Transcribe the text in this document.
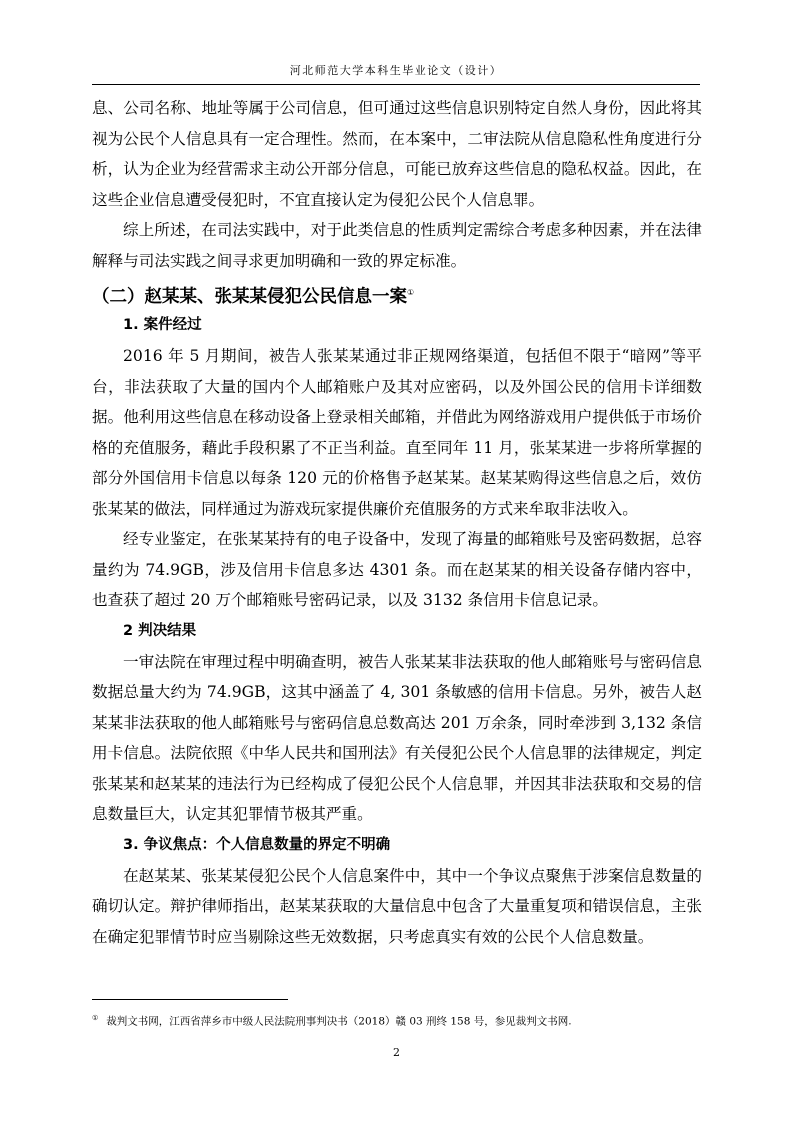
河北师范大学本科生毕业论文（设计）

息、公司名称、地址等属于公司信息，但可通过这些信息识别特定自然人身份，因此将其视为公民个人信息具有一定合理性。然而，在本案中，二审法院从信息隐私性角度进行分析，认为企业为经营需求主动公开部分信息，可能已放弃这些信息的隐私权益。因此，在这些企业信息遭受侵犯时，不宜直接认定为侵犯公民个人信息罪。

综上所述，在司法实践中，对于此类信息的性质判定需综合考虑多种因素，并在法律解释与司法实践之间寻求更加明确和一致的界定标准。

（二）赵某某、张某某侵犯公民信息一案①
1. 案件经过

2016 年 5 月期间，被告人张某某通过非正规网络渠道，包括但不限于“暗网”等平台，非法获取了大量的国内个人邮箱账户及其对应密码，以及外国公民的信用卡详细数据。他利用这些信息在移动设备上登录相关邮箱，并借此为网络游戏用户提供低于市场价格的充值服务，藉此手段积累了不正当利益。直至同年 11 月，张某某进一步将所掌握的部分外国信用卡信息以每条 120 元的价格售予赵某某。赵某某购得这些信息之后，效仿张某某的做法，同样通过为游戏玩家提供廉价充值服务的方式来牟取非法收入。

经专业鉴定，在张某某持有的电子设备中，发现了海量的邮箱账号及密码数据，总容量约为 74.9GB，涉及信用卡信息多达 4301 条。而在赵某某的相关设备存储内容中，也查获了超过 20 万个邮箱账号密码记录，以及 3132 条信用卡信息记录。

2 判决结果

一审法院在审理过程中明确查明，被告人张某某非法获取的他人邮箱账号与密码信息数据总量大约为 74.9GB，这其中涵盖了 4, 301 条敏感的信用卡信息。另外，被告人赵某某非法获取的他人邮箱账号与密码信息总数高达 201 万余条，同时牵涉到 3,132 条信用卡信息。法院依照《中华人民共和国刑法》有关侵犯公民个人信息罪的法律规定，判定张某某和赵某某的违法行为已经构成了侵犯公民个人信息罪，并因其非法获取和交易的信息数量巨大，认定其犯罪情节极其严重。

3. 争议焦点：个人信息数量的界定不明确

在赵某某、张某某侵犯公民个人信息案件中，其中一个争议点聚焦于涉案信息数量的确切认定。辩护律师指出，赵某某获取的大量信息中包含了大量重复项和错误信息，主张在确定犯罪情节时应当剔除这些无效数据，只考虑真实有效的公民个人信息数量。

① 裁判文书网，江西省萍乡市中级人民法院刑事判决书（2018）赣 03 刑终 158 号，参见裁判文书网.
2
